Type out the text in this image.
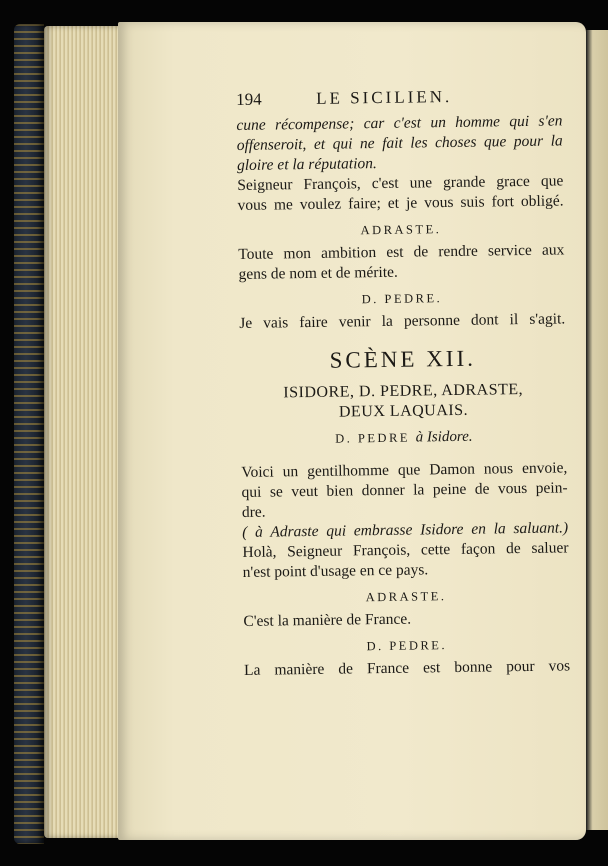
194	LE SICILIEN.
cune récompense; car c'est un homme qui s'en
offenseroit, et qui ne fait les choses que pour la
gloire et la réputation.
Seigneur François, c'est une grande grace que
vous me voulez faire; et je vous suis fort obligé.
ADRASTE.
Toute mon ambition est de rendre service aux
gens de nom et de mérite.
D. PEDRE.
Je vais faire venir la personne dont il s'agit.
SCÈNE XII.
ISIDORE, D. PEDRE, ADRASTE,
DEUX LAQUAIS.
D. PEDRE à Isidore.
Voici un gentilhomme que Damon nous envoie,
qui se veut bien donner la peine de vous pein-
dre.
( à Adraste qui embrasse Isidore en la saluant.)
Holà, Seigneur François, cette façon de saluer
n'est point d'usage en ce pays.
ADRASTE.
C'est la manière de France.
D. PEDRE.
La manière de France est bonne pour vos
